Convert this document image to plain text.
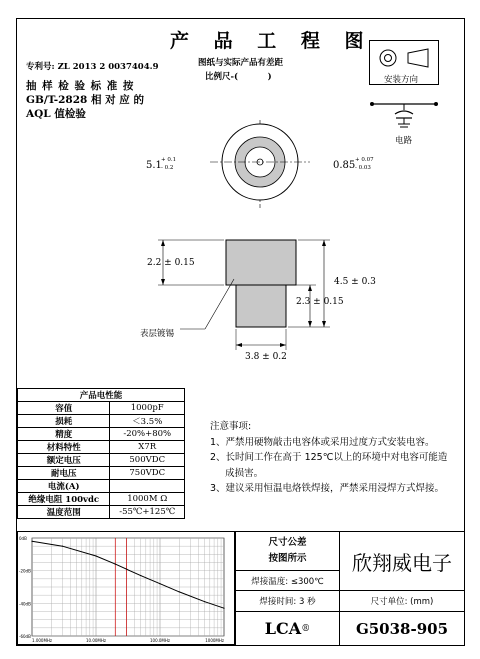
产 品 工 程 图
专利号: ZL 2013 2 0037404.9	图纸与实际产品有差距
比例尺-(          )
抽 样 检 验 标 准 按
GB/T-2828 相 对 应 的
AQL 值检验
安装方向
电路
5.1 + 0.1
- 0.2	0.85 + 0.07
- 0.03
2.2 ± 0.15
4.5 ± 0.3
2.3 ± 0.15
3.8 ± 0.2
表层镀锡
产品电性能	
容值	1000pF
损耗	＜3.5%
精度	-20%+80%
材料特性	X7R
额定电压	500VDC
耐电压	750VDC
电流(A)	
绝缘电阻 100vdc	1000M Ω
温度范围	-55℃+125℃
注意事项:
1、严禁用硬物敲击电容体或采用过度方式安装电容。
2、长时间工作在高于 125℃以上的环境中对电容可能造
成损害。
3、建议采用恒温电烙铁焊接，严禁采用浸焊方式焊接。
0dB
-20dB
-40dB
-60dB
1.000MHz	10.00MHz	100.0MHz	1000MHz
尺寸公差
按图所示	欣翔威电子
焊接温度: ≤300℃
焊接时间: 3 秒	尺寸单位: (mm)
LCA ®	G5038-905
